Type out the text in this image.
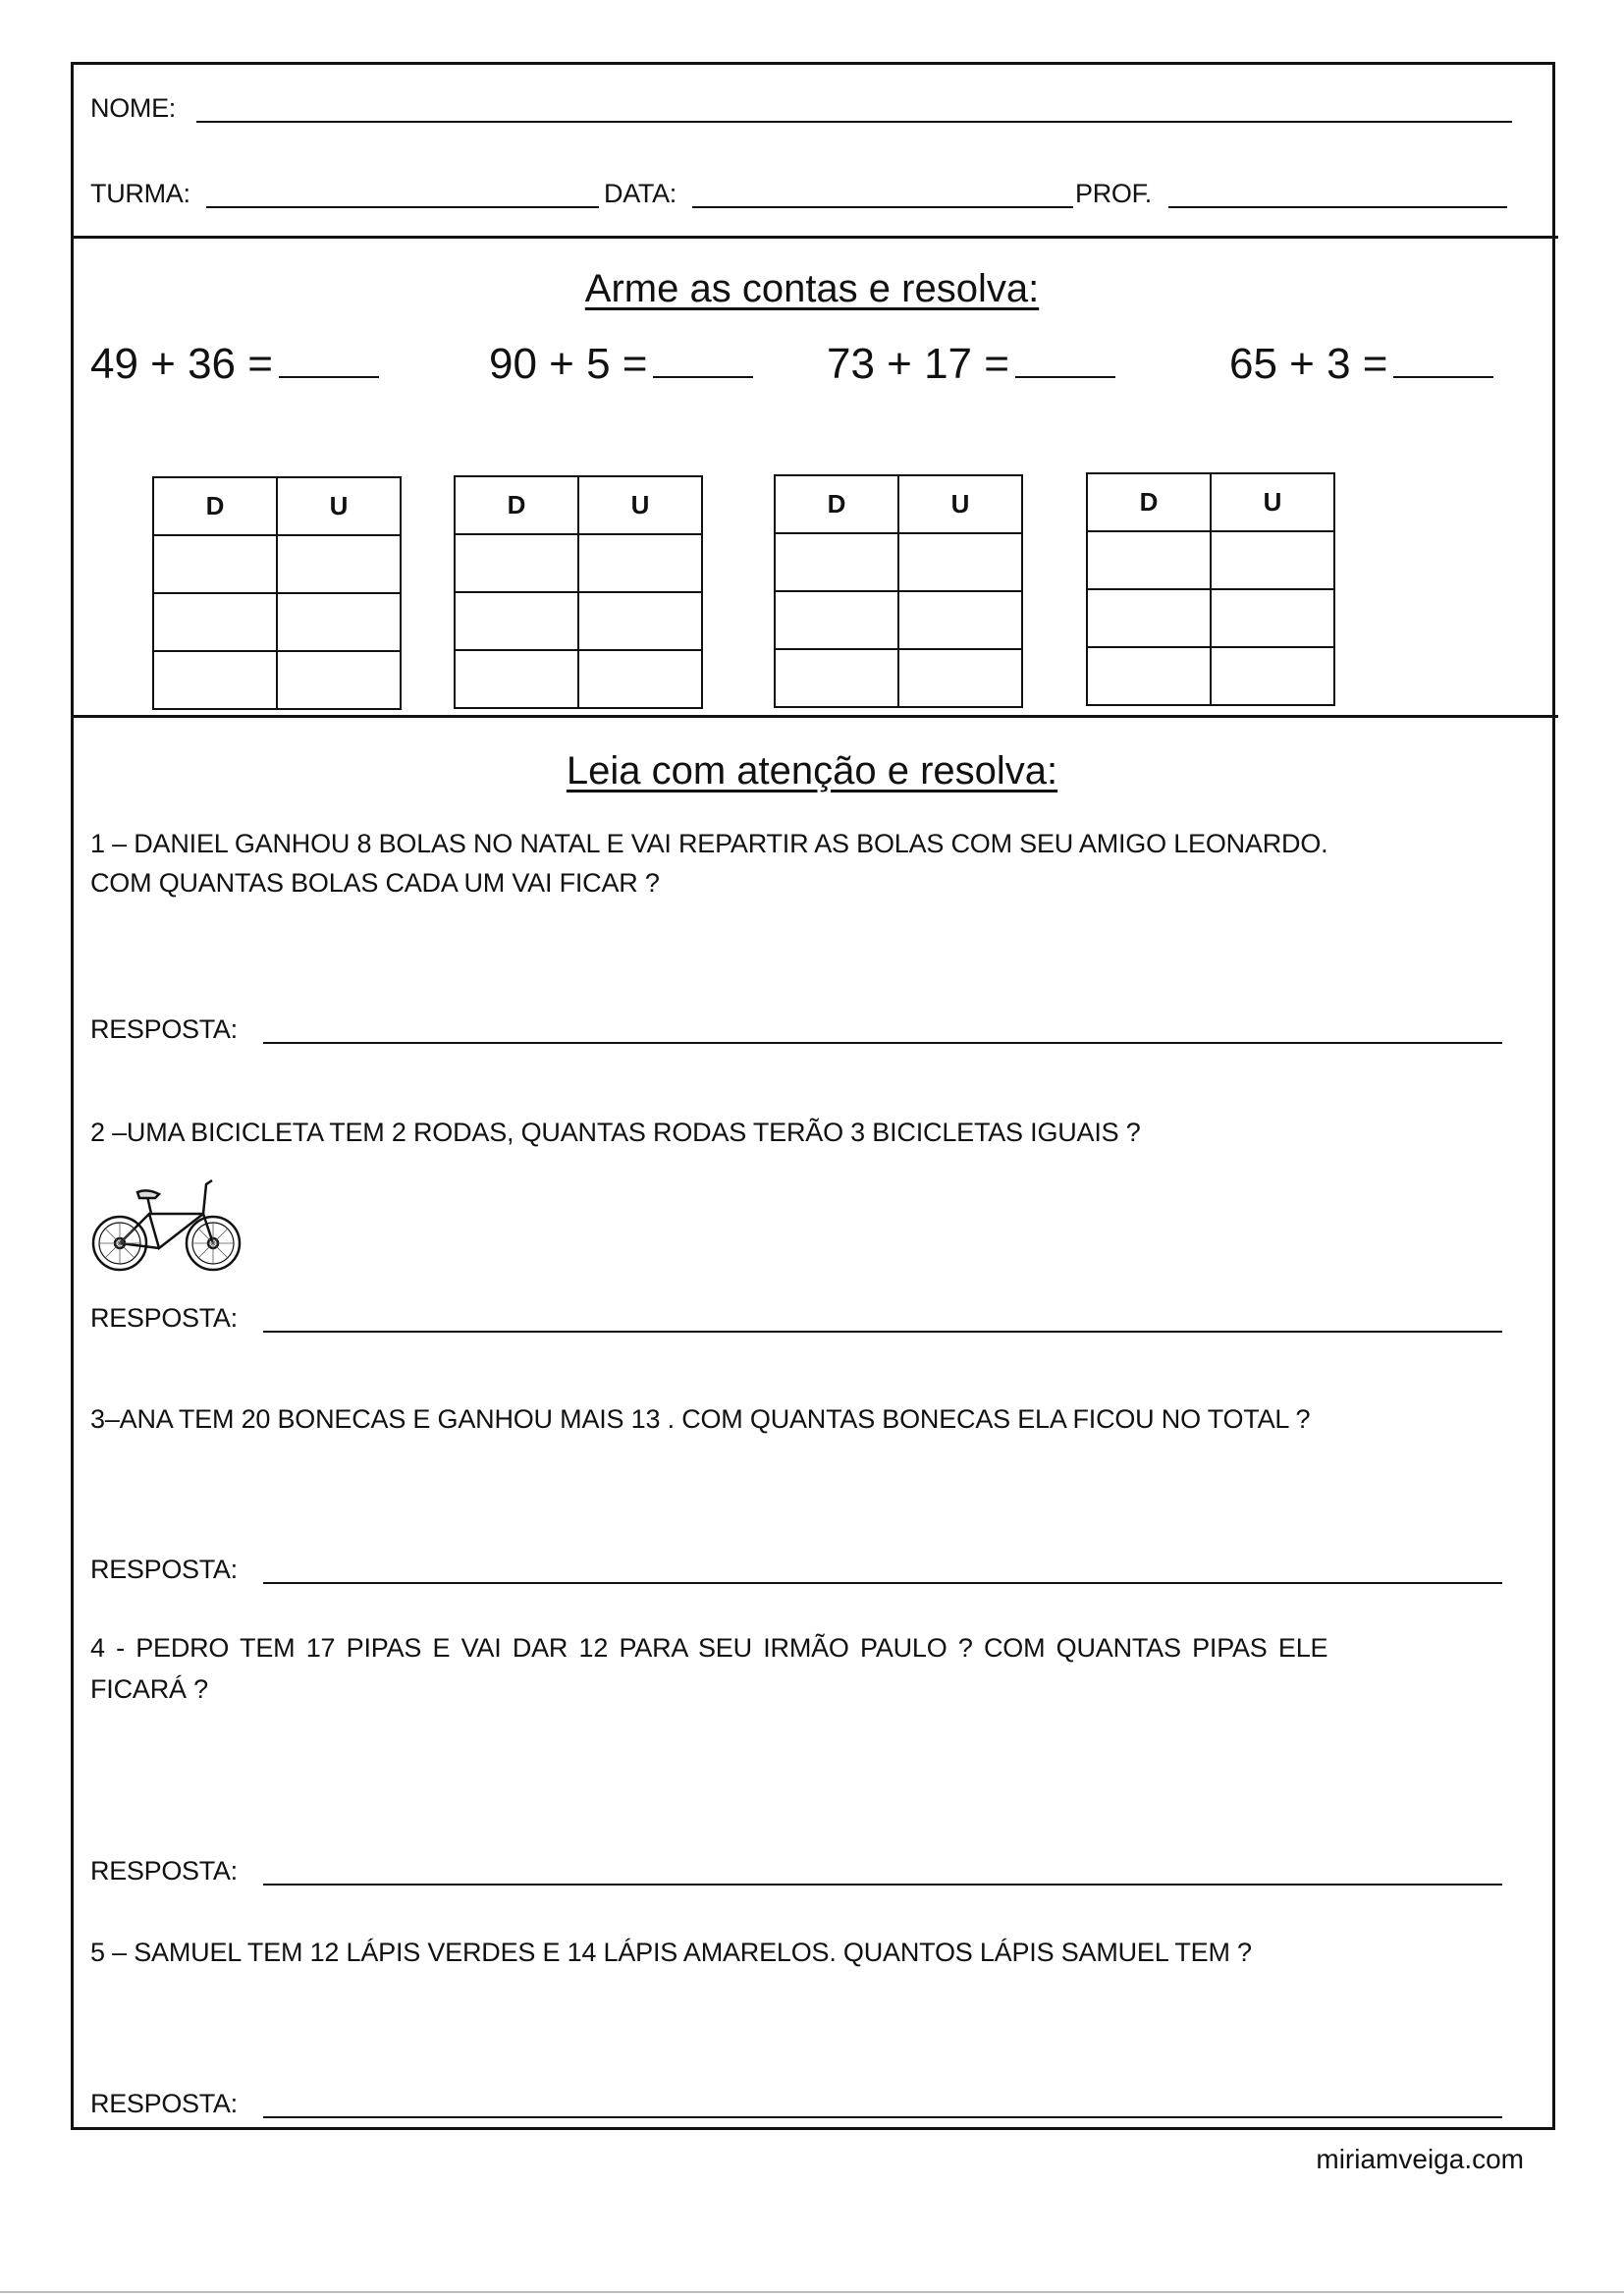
NOME:
TURMA:	DATA:	PROF.
Arme as contas e resolva:
49 + 36 =	90 + 5 =	73 + 17 =	65 + 3 =
D	U

		D	U

		D	U

		D	U

Leia com atenção e resolva:
1 – DANIEL GANHOU 8 BOLAS NO NATAL E VAI REPARTIR AS BOLAS COM SEU AMIGO LEONARDO.
COM QUANTAS BOLAS CADA UM VAI FICAR ?
RESPOSTA:
2 –UMA BICICLETA TEM 2 RODAS, QUANTAS RODAS TERÃO 3 BICICLETAS IGUAIS ?
RESPOSTA:
3–ANA TEM 20 BONECAS E GANHOU MAIS 13 . COM QUANTAS BONECAS ELA FICOU NO TOTAL ?
RESPOSTA:
4 - PEDRO TEM 17 PIPAS E VAI DAR 12 PARA SEU IRMÃO PAULO ? COM QUANTAS PIPAS ELE
FICARÁ ?
RESPOSTA:
5 – SAMUEL TEM 12 LÁPIS VERDES E 14 LÁPIS AMARELOS. QUANTOS LÁPIS SAMUEL TEM ?
RESPOSTA:
miriamveiga.com
